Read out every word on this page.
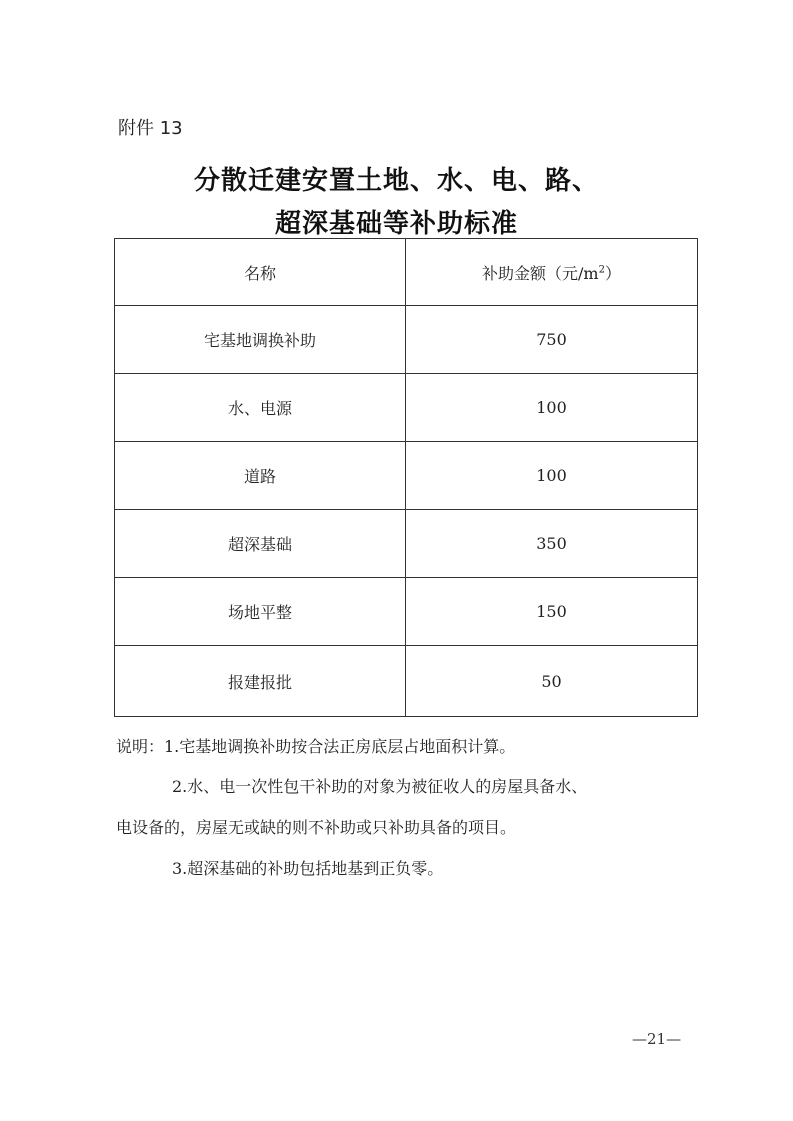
附件 13
分散迁建安置土地、水、电、路、
超深基础等补助标准
名称	补助金额（元$/m^2$）
宅基地调换补助	750
水、电源	100
道路	100
超深基础	350
场地平整	150
报建报批	50
说明：1.宅基地调换补助按合法正房底层占地面积计算。
2.水、电一次性包干补助的对象为被征收人的房屋具备水、
电设备的，房屋无或缺的则不补助或只补助具备的项目。
3.超深基础的补助包括地基到正负零。
—21—
